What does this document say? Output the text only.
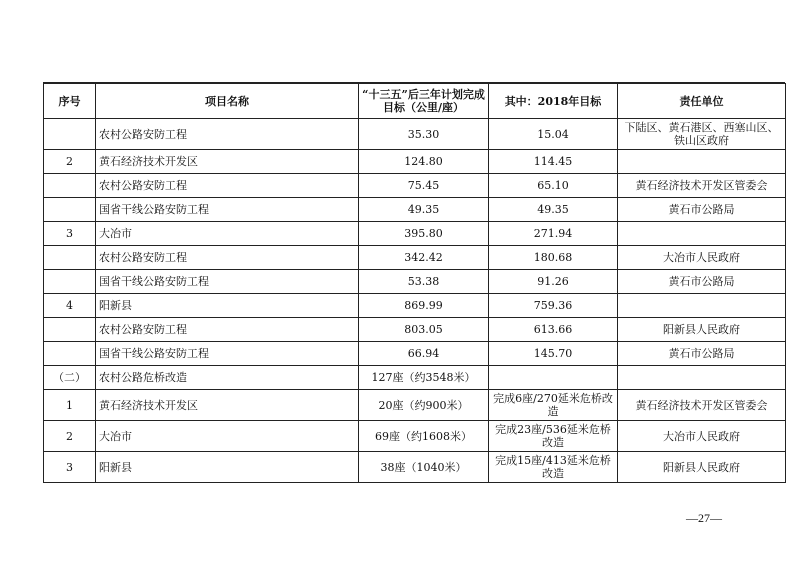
序号	项目名称	“十三五”后三年计划完成目标（公里/座）	其中：2018年目标	责任单位
	农村公路安防工程	35.30	15.04	下陆区、黄石港区、西塞山区、铁山区政府
2	黄石经济技术开发区	124.80	114.45	
	农村公路安防工程	75.45	65.10	黄石经济技术开发区管委会
	国省干线公路安防工程	49.35	49.35	黄石市公路局
3	大冶市	395.80	271.94	
	农村公路安防工程	342.42	180.68	大冶市人民政府
	国省干线公路安防工程	53.38	91.26	黄石市公路局
4	阳新县	869.99	759.36	
	农村公路安防工程	803.05	613.66	阳新县人民政府
	国省干线公路安防工程	66.94	145.70	黄石市公路局
（二）	农村公路危桥改造	127座（约3548米）		
1	黄石经济技术开发区	20座（约900米）	完成6座/270延米危桥改造	黄石经济技术开发区管委会
2	大冶市	69座（约1608米）	完成23座/536延米危桥改造	大冶市人民政府
3	阳新县	38座（1040米）	完成15座/413延米危桥改造	阳新县人民政府
—27—
